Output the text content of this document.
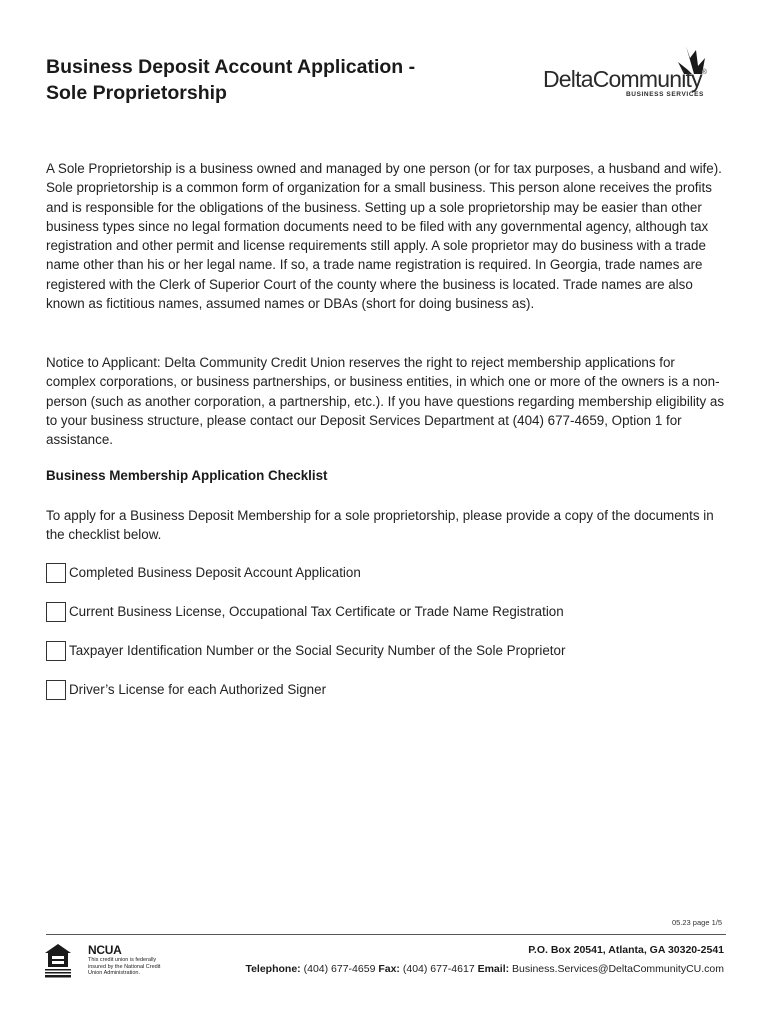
Business Deposit Account Application -
Sole Proprietorship
DeltaCommunity®
BUSINESS SERVICES
A Sole Proprietorship is a business owned and managed by one person (or for tax purposes, a husband and wife). Sole proprietorship is a common form of organization for a small business. This person alone receives the profits and is responsible for the obligations of the business. Setting up a sole proprietorship may be easier than other business types since no legal formation documents need to be filed with any governmental agency, although tax registration and other permit and license requirements still apply. A sole proprietor may do business with a trade name other than his or her legal name. If so, a trade name registration is required. In Georgia, trade names are registered with the Clerk of Superior Court of the county where the business is located. Trade names are also known as fictitious names, assumed names or DBAs (short for doing business as).
Notice to Applicant: Delta Community Credit Union reserves the right to reject membership applications for complex corporations, or business partnerships, or business entities, in which one or more of the owners is a non-person (such as another corporation, a partnership, etc.). If you have questions regarding membership eligibility as to your business structure, please contact our Deposit Services Department at (404) 677-4659, Option 1 for assistance.
Business Membership Application Checklist
To apply for a Business Deposit Membership for a sole proprietorship, please provide a copy of the documents in the checklist below.
Completed Business Deposit Account Application
Current Business License, Occupational Tax Certificate or Trade Name Registration
Taxpayer Identification Number or the Social Security Number of the Sole Proprietor
Driver’s License for each Authorized Signer
05.23 page 1/5
NCUA
This credit union is federally insured by the National Credit Union Administration.
P.O. Box 20541, Atlanta, GA 30320-2541
Telephone: (404) 677-4659 Fax: (404) 677-4617 Email: Business.Services@DeltaCommunityCU.com
